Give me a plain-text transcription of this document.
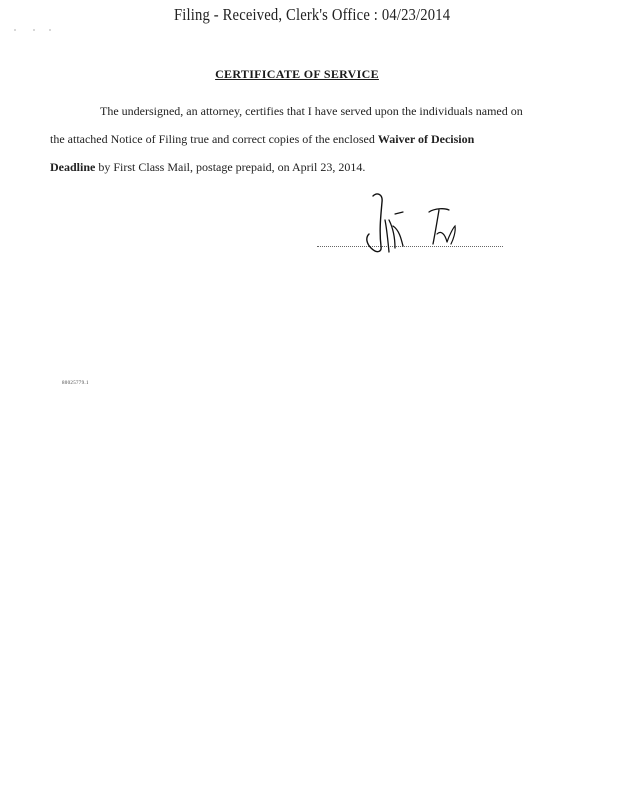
Filing - Received, Clerk's Office : 04/23/2014
CERTIFICATE OF SERVICE
The undersigned, an attorney, certifies that I have served upon the individuals named on
the attached Notice of Filing true and correct copies of the enclosed Waiver of Decision
Deadline by First Class Mail, postage prepaid, on April 23, 2014.
80025779.1
